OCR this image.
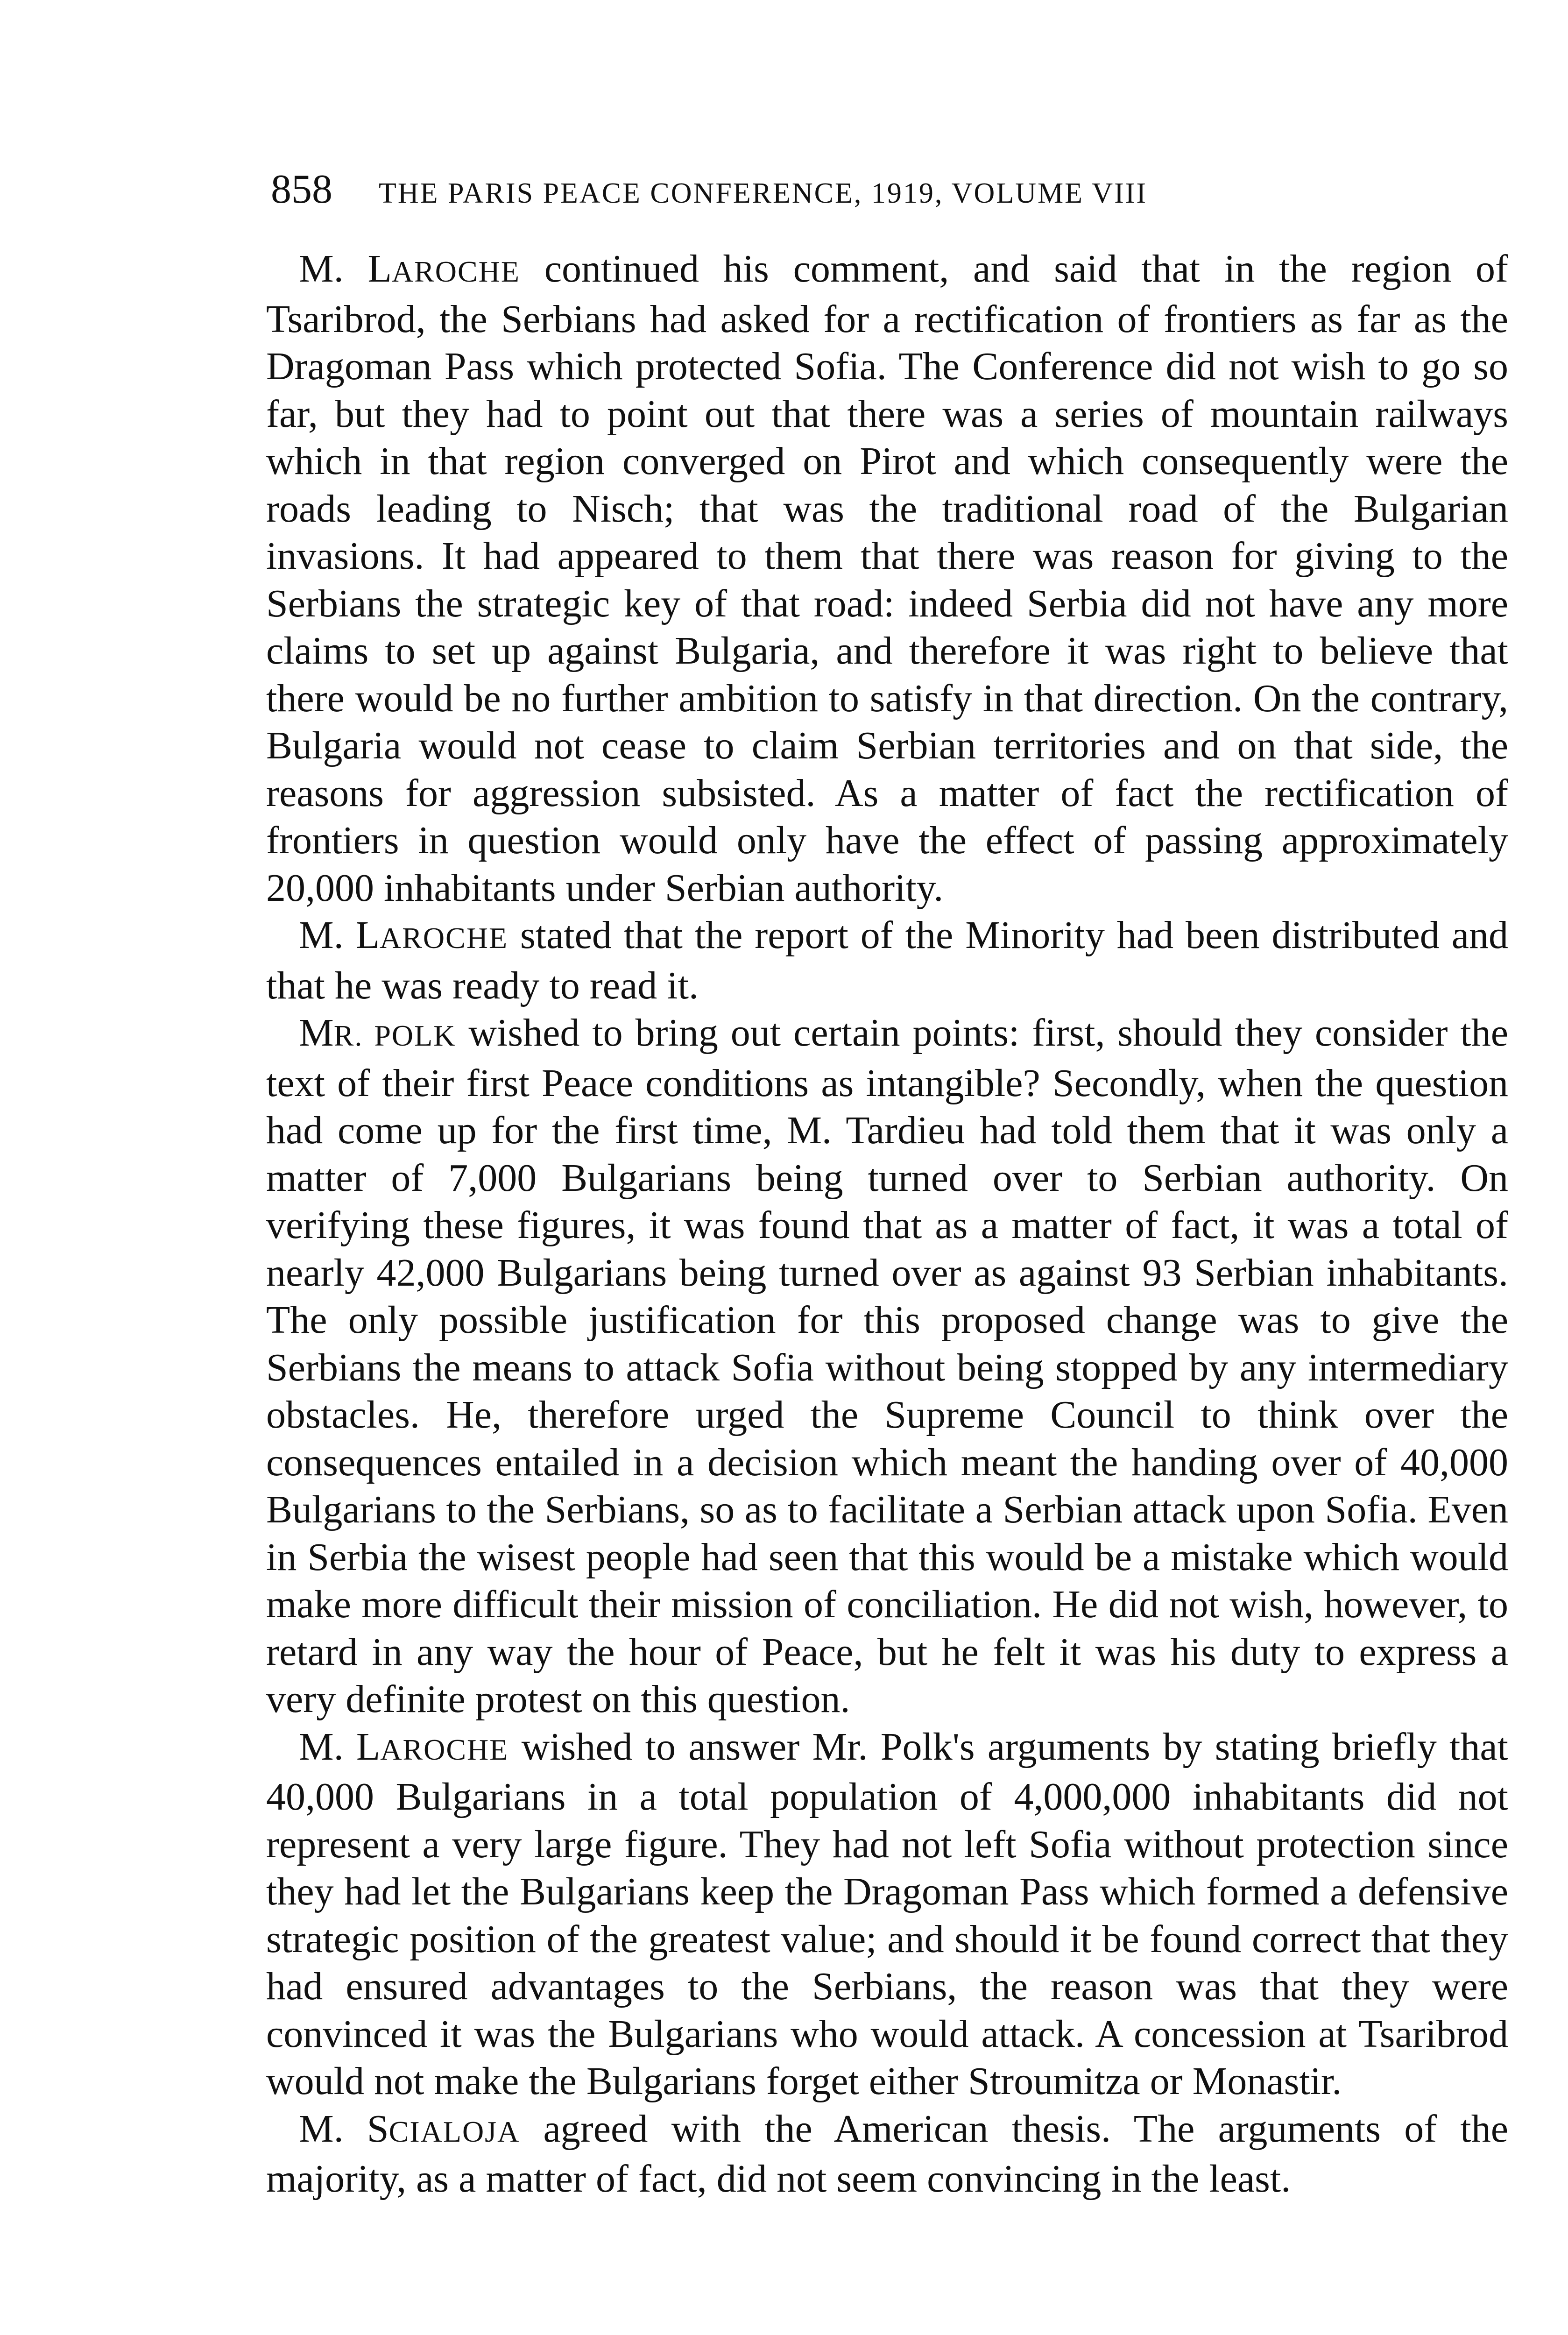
858 THE PARIS PEACE CONFERENCE, 1919, VOLUME VIII

M. LAROCHE continued his comment, and said that in the region of Tsaribrod, the Serbians had asked for a rectification of frontiers as far as the Dragoman Pass which protected Sofia. The Conference did not wish to go so far, but they had to point out that there was a series of mountain railways which in that region converged on Pirot and which consequently were the roads leading to Nisch; that was the traditional road of the Bulgarian invasions. It had appeared to them that there was reason for giving to the Serbians the strategic key of that road: indeed Serbia did not have any more claims to set up against Bulgaria, and therefore it was right to believe that there would be no further ambition to satisfy in that direction. On the contrary, Bulgaria would not cease to claim Serbian territories and on that side, the reasons for aggression subsisted. As a matter of fact the rectification of frontiers in question would only have the effect of passing approximately 20,000 inhabitants under Serbian authority.

M. LAROCHE stated that the report of the Minority had been distributed and that he was ready to read it.

MR. POLK wished to bring out certain points: first, should they consider the text of their first Peace conditions as intangible? Secondly, when the question had come up for the first time, M. Tardieu had told them that it was only a matter of 7,000 Bulgarians being turned over to Serbian authority. On verifying these figures, it was found that as a matter of fact, it was a total of nearly 42,000 Bulgarians being turned over as against 93 Serbian inhabitants. The only possible justification for this proposed change was to give the Serbians the means to attack Sofia without being stopped by any intermediary obstacles. He, therefore urged the Supreme Council to think over the consequences entailed in a decision which meant the handing over of 40,000 Bulgarians to the Serbians, so as to facilitate a Serbian attack upon Sofia. Even in Serbia the wisest people had seen that this would be a mistake which would make more difficult their mission of conciliation. He did not wish, however, to retard in any way the hour of Peace, but he felt it was his duty to express a very definite protest on this question.

M. LAROCHE wished to answer Mr. Polk's arguments by stating briefly that 40,000 Bulgarians in a total population of 4,000,000 inhabitants did not represent a very large figure. They had not left Sofia without protection since they had let the Bulgarians keep the Dragoman Pass which formed a defensive strategic position of the greatest value; and should it be found correct that they had ensured advantages to the Serbians, the reason was that they were convinced it was the Bulgarians who would attack. A concession at Tsaribrod would not make the Bulgarians forget either Stroumitza or Monastir.

M. SCIALOJA agreed with the American thesis. The arguments of the majority, as a matter of fact, did not seem convincing in the least.
